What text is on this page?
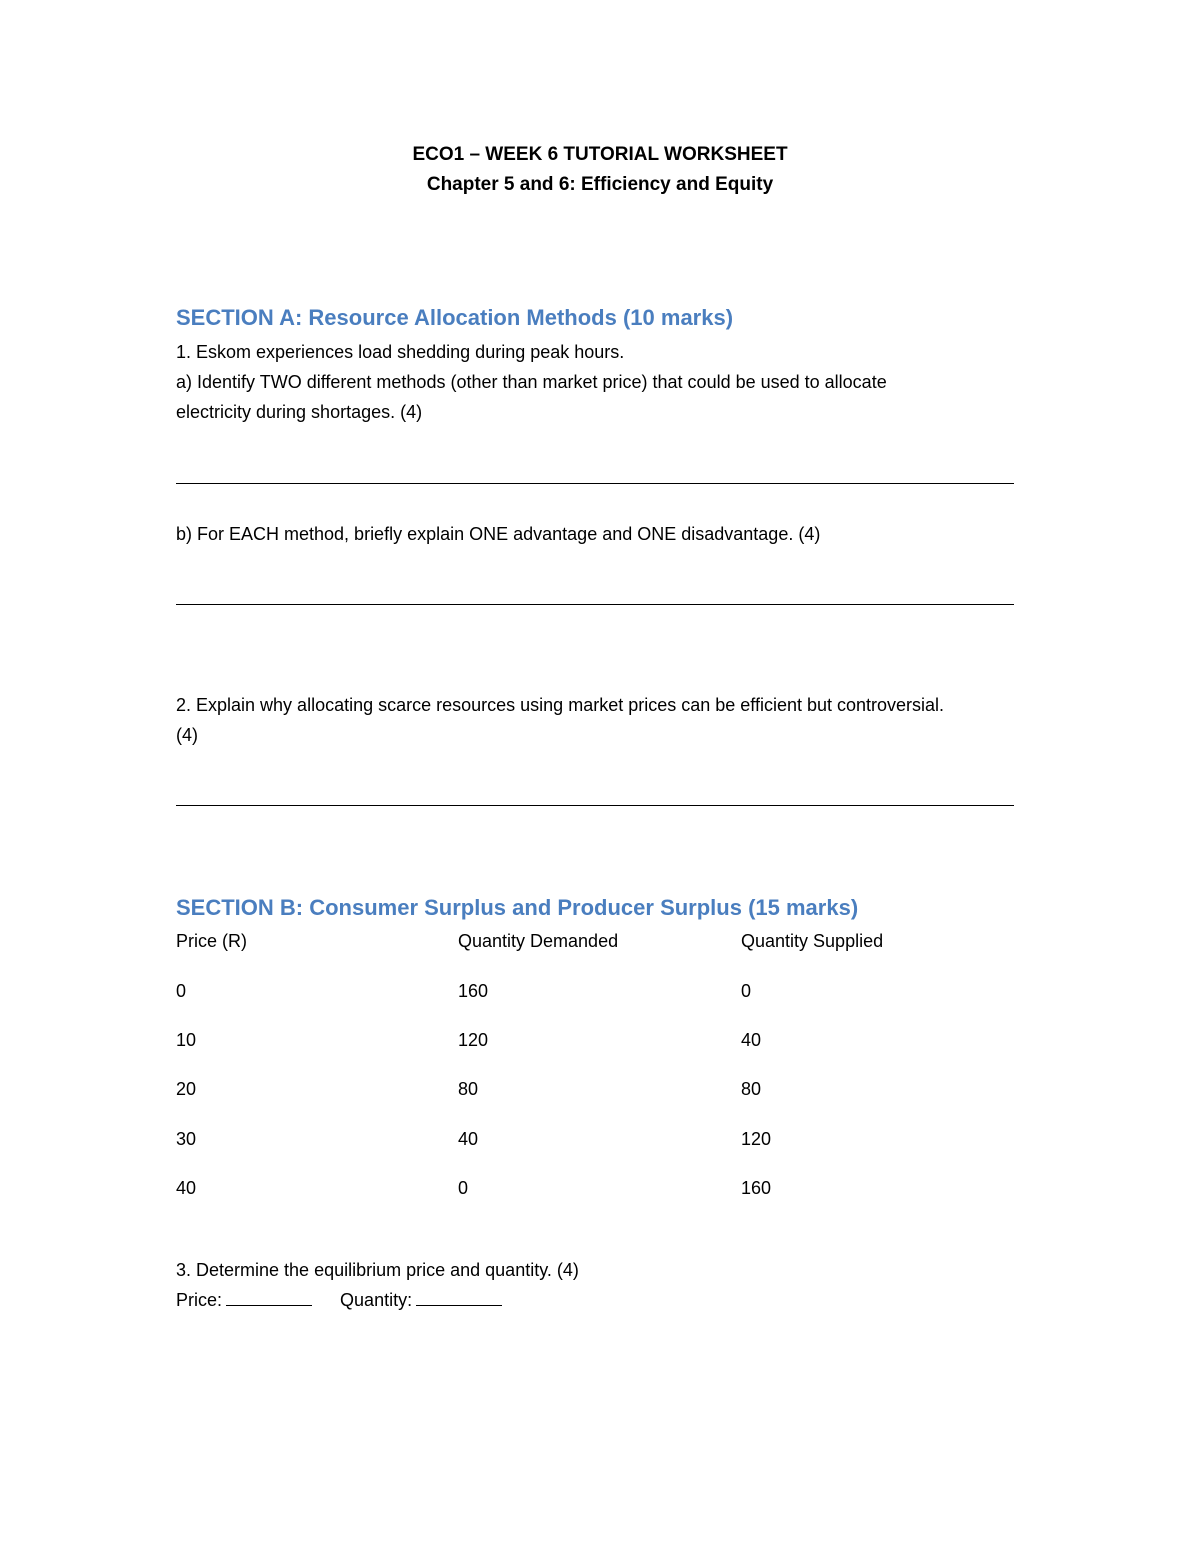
ECO1 – WEEK 6 TUTORIAL WORKSHEET
Chapter 5 and 6: Efficiency and Equity
SECTION A: Resource Allocation Methods (10 marks)
1. Eskom experiences load shedding during peak hours.
a) Identify TWO different methods (other than market price) that could be used to allocate
electricity during shortages. (4)
b) For EACH method, briefly explain ONE advantage and ONE disadvantage. (4)
2. Explain why allocating scarce resources using market prices can be efficient but controversial.
(4)
SECTION B: Consumer Surplus and Producer Surplus (15 marks)
Price (R)	Quantity Demanded	Quantity Supplied
0	160	0
10	120	40
20	80	80
30	40	120
40	0	160
3. Determine the equilibrium price and quantity. (4)
Price:	Quantity:
